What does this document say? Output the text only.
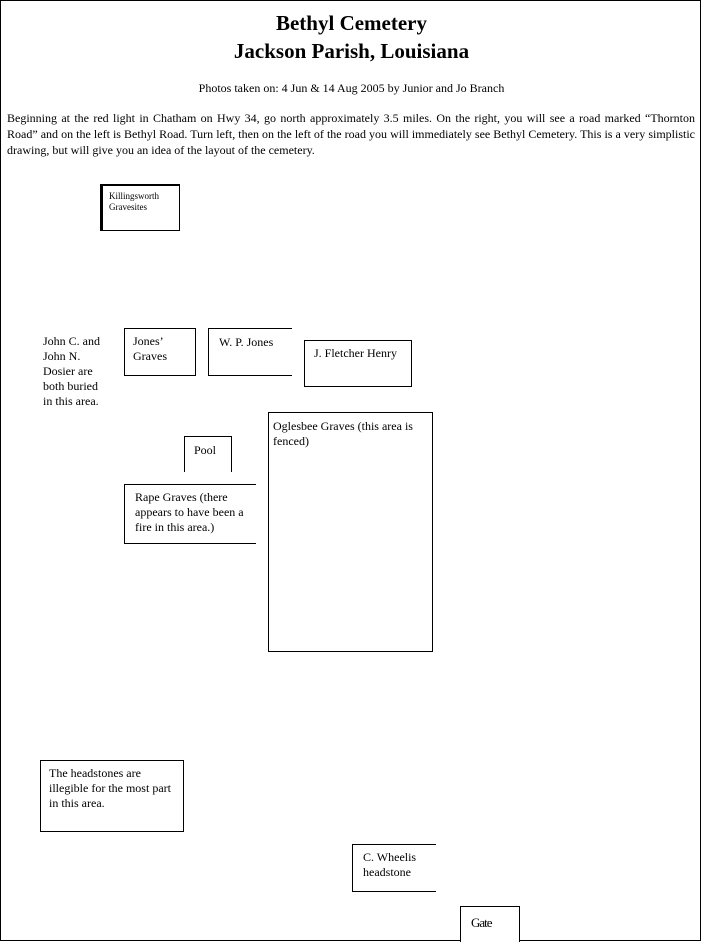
Bethyl Cemetery
Jackson Parish, Louisiana
Photos taken on: 4 Jun & 14 Aug 2005 by Junior and Jo Branch
Beginning at the red light in Chatham on Hwy 34, go north approximately 3.5 miles. On the right, you will see a road marked “Thornton Road” and on the left is Bethyl Road. Turn left, then on the left of the road you will immediately see Bethyl Cemetery. This is a very simplistic drawing, but will give you an idea of the layout of the cemetery.
Killingsworth Gravesites
John C. and John N. Dosier are both buried in this area.
Jones’ Graves
W. P. Jones
J. Fletcher Henry
Pool
Oglesbee Graves (this area is fenced)
Rape Graves (there appears to have been a fire in this area.)
The headstones are illegible for the most part in this area.
C. Wheelis headstone
Gate
